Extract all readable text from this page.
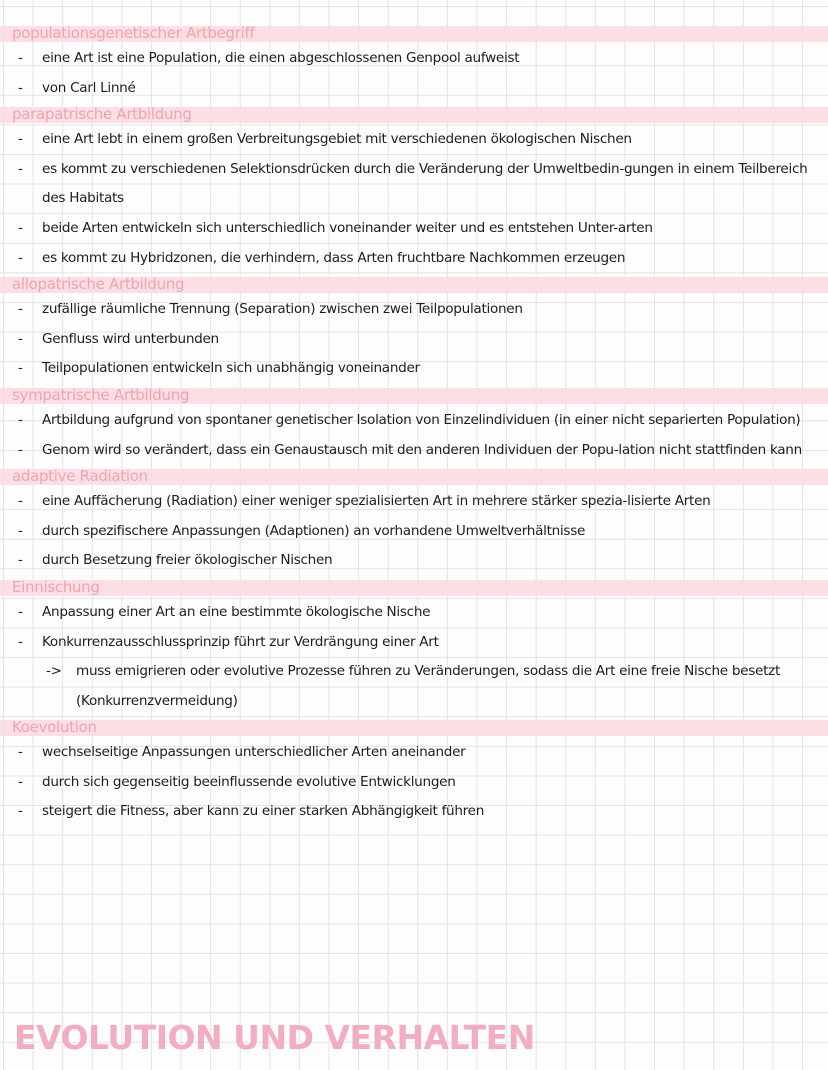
populationsgenetischer Artbegriff
- eine Art ist eine Population, die einen abgeschlossenen Genpool aufweist
- von Carl Linné
parapatrische Artbildung
- eine Art lebt in einem großen Verbreitungsgebiet mit verschiedenen ökologischen Nischen
- es kommt zu verschiedenen Selektionsdrücken durch die Veränderung der Umweltbedin-gungen in einem Teilbereich des Habitats
- beide Arten entwickeln sich unterschiedlich voneinander weiter und es entstehen Unter-arten
- es kommt zu Hybridzonen, die verhindern, dass Arten fruchtbare Nachkommen erzeugen
allopatrische Artbildung
- zufällige räumliche Trennung (Separation) zwischen zwei Teilpopulationen
- Genfluss wird unterbunden
- Teilpopulationen entwickeln sich unabhängig voneinander
sympatrische Artbildung
- Artbildung aufgrund von spontaner genetischer Isolation von Einzelindividuen (in einer nicht separierten Population)
- Genom wird so verändert, dass ein Genaustausch mit den anderen Individuen der Popu-lation nicht stattfinden kann
adaptive Radiation
- eine Auffächerung (Radiation) einer weniger spezialisierten Art in mehrere stärker spezia-lisierte Arten
- durch spezifischere Anpassungen (Adaptionen) an vorhandene Umweltverhältnisse
- durch Besetzung freier ökologischer Nischen
Einnischung
- Anpassung einer Art an eine bestimmte ökologische Nische
- Konkurrenzausschlussprinzip führt zur Verdrängung einer Art
-> muss emigrieren oder evolutive Prozesse führen zu Veränderungen, sodass die Art eine freie Nische besetzt (Konkurrenzvermeidung)
Koevolution
- wechselseitige Anpassungen unterschiedlicher Arten aneinander
- durch sich gegenseitig beeinflussende evolutive Entwicklungen
- steigert die Fitness, aber kann zu einer starken Abhängigkeit führen
EVOLUTION UND VERHALTEN
